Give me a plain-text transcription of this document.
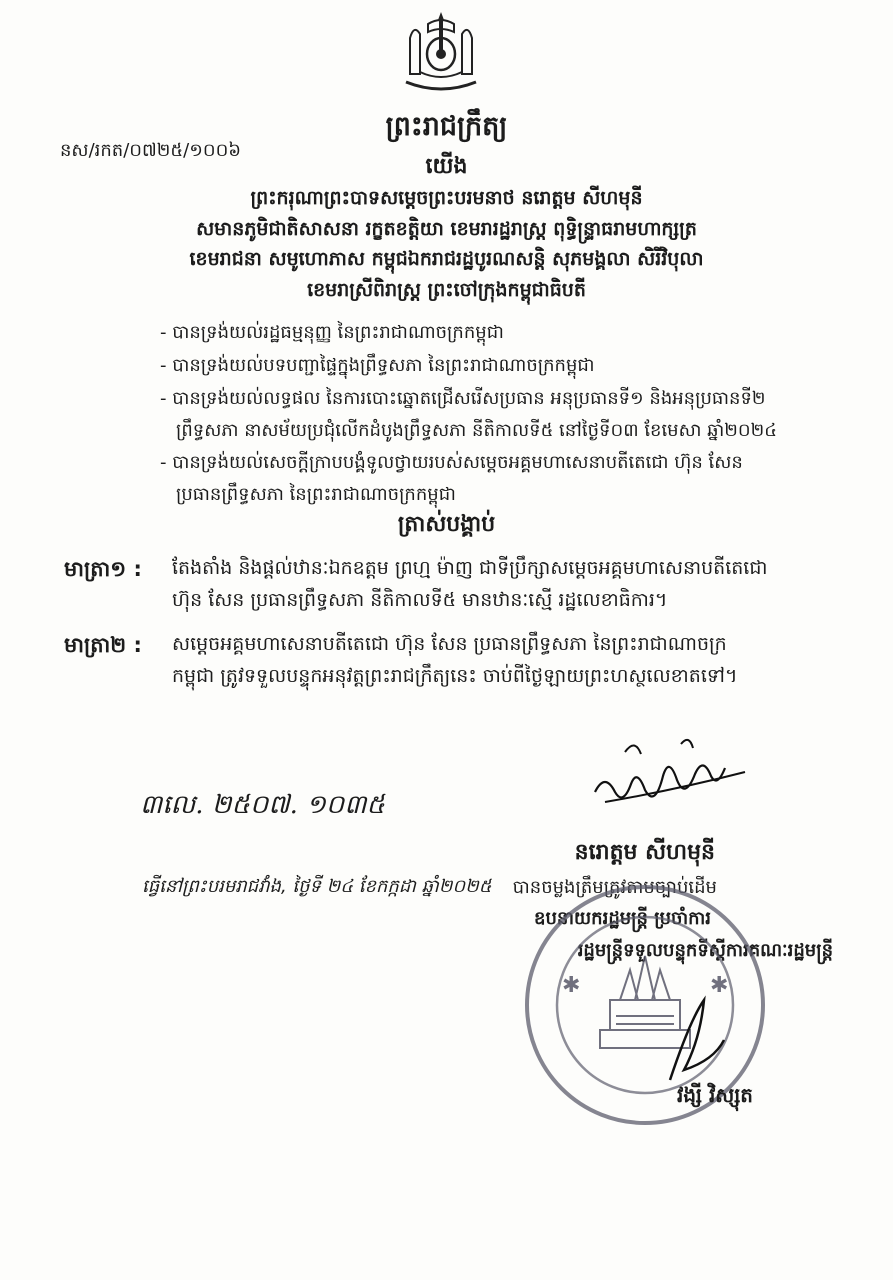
ព្រះរាជក្រឹត្យ
នស/រកត/០៧២៥/១០០៦
យើង
ព្រះករុណាព្រះបាទសម្តេចព្រះបរមនាថ នរោត្តម សីហមុនី
សមានភូមិជាតិសាសនា រក្ខតខត្តិយា ខេមរារដ្ឋរាស្ត្រ ពុទ្ធិន្ទ្រាធរាមហាក្សត្រ
ខេមរាជនា សមូហោភាស កម្ពុជឯករាជរដ្ឋបូរណសន្តិ សុភមង្គលា សិរីវិបុលា
ខេមរាស្រីពិរាស្ត្រ ព្រះចៅក្រុងកម្ពុជាធិបតី
- បានទ្រង់យល់រដ្ឋធម្មនុញ្ញ នៃព្រះរាជាណាចក្រកម្ពុជា
- បានទ្រង់យល់បទបញ្ជាផ្ទៃក្នុងព្រឹទ្ធសភា នៃព្រះរាជាណាចក្រកម្ពុជា
- បានទ្រង់យល់លទ្ធផល នៃការបោះឆ្នោតជ្រើសរើសប្រធាន អនុប្រធានទី១ និងអនុប្រធានទី២
ព្រឹទ្ធសភា នាសម័យប្រជុំលើកដំបូងព្រឹទ្ធសភា នីតិកាលទី៥ នៅថ្ងៃទី០៣ ខែមេសា ឆ្នាំ២០២៤
- បានទ្រង់យល់សេចក្តីក្រាបបង្គំទូលថ្វាយរបស់សម្តេចអគ្គមហាសេនាបតីតេជោ ហ៊ុន សែន
ប្រធានព្រឹទ្ធសភា នៃព្រះរាជាណាចក្រកម្ពុជា
ត្រាស់បង្គាប់
មាត្រា១ : តែងតាំង និងផ្តល់ឋានៈឯកឧត្តម ព្រហ្ម ម៉ាញ ជាទីប្រឹក្សាសម្តេចអគ្គមហាសេនាបតីតេជោ
ហ៊ុន សែន ប្រធានព្រឹទ្ធសភា នីតិកាលទី៥ មានឋានៈស្មើ រដ្ឋលេខាធិការ។
មាត្រា២ : សម្តេចអគ្គមហាសេនាបតីតេជោ ហ៊ុន សែន ប្រធានព្រឹទ្ធសភា នៃព្រះរាជាណាចក្រ
កម្ពុជា ត្រូវទទួលបន្ទុកអនុវត្តព្រះរាជក្រឹត្យនេះ ចាប់ពីថ្ងៃឡាយព្រះហស្ថលេខាតទៅ។
៣លេ. ២៥០៧. ១០៣៥
នរោត្តម សីហមុនី
ធ្វើនៅព្រះបរមរាជវាំង, ថ្ងៃទី ២៤ ខែកក្កដា ឆ្នាំ២០២៥	បានចម្លងត្រឹមត្រូវតាមច្បាប់ដើម
ឧបនាយករដ្ឋមន្ត្រី ប្រចាំការ
រដ្ឋមន្ត្រីទទួលបន្ទុកទីស្តីការគណៈរដ្ឋមន្ត្រី
✱	✱
វង្សី វិស្សុត
